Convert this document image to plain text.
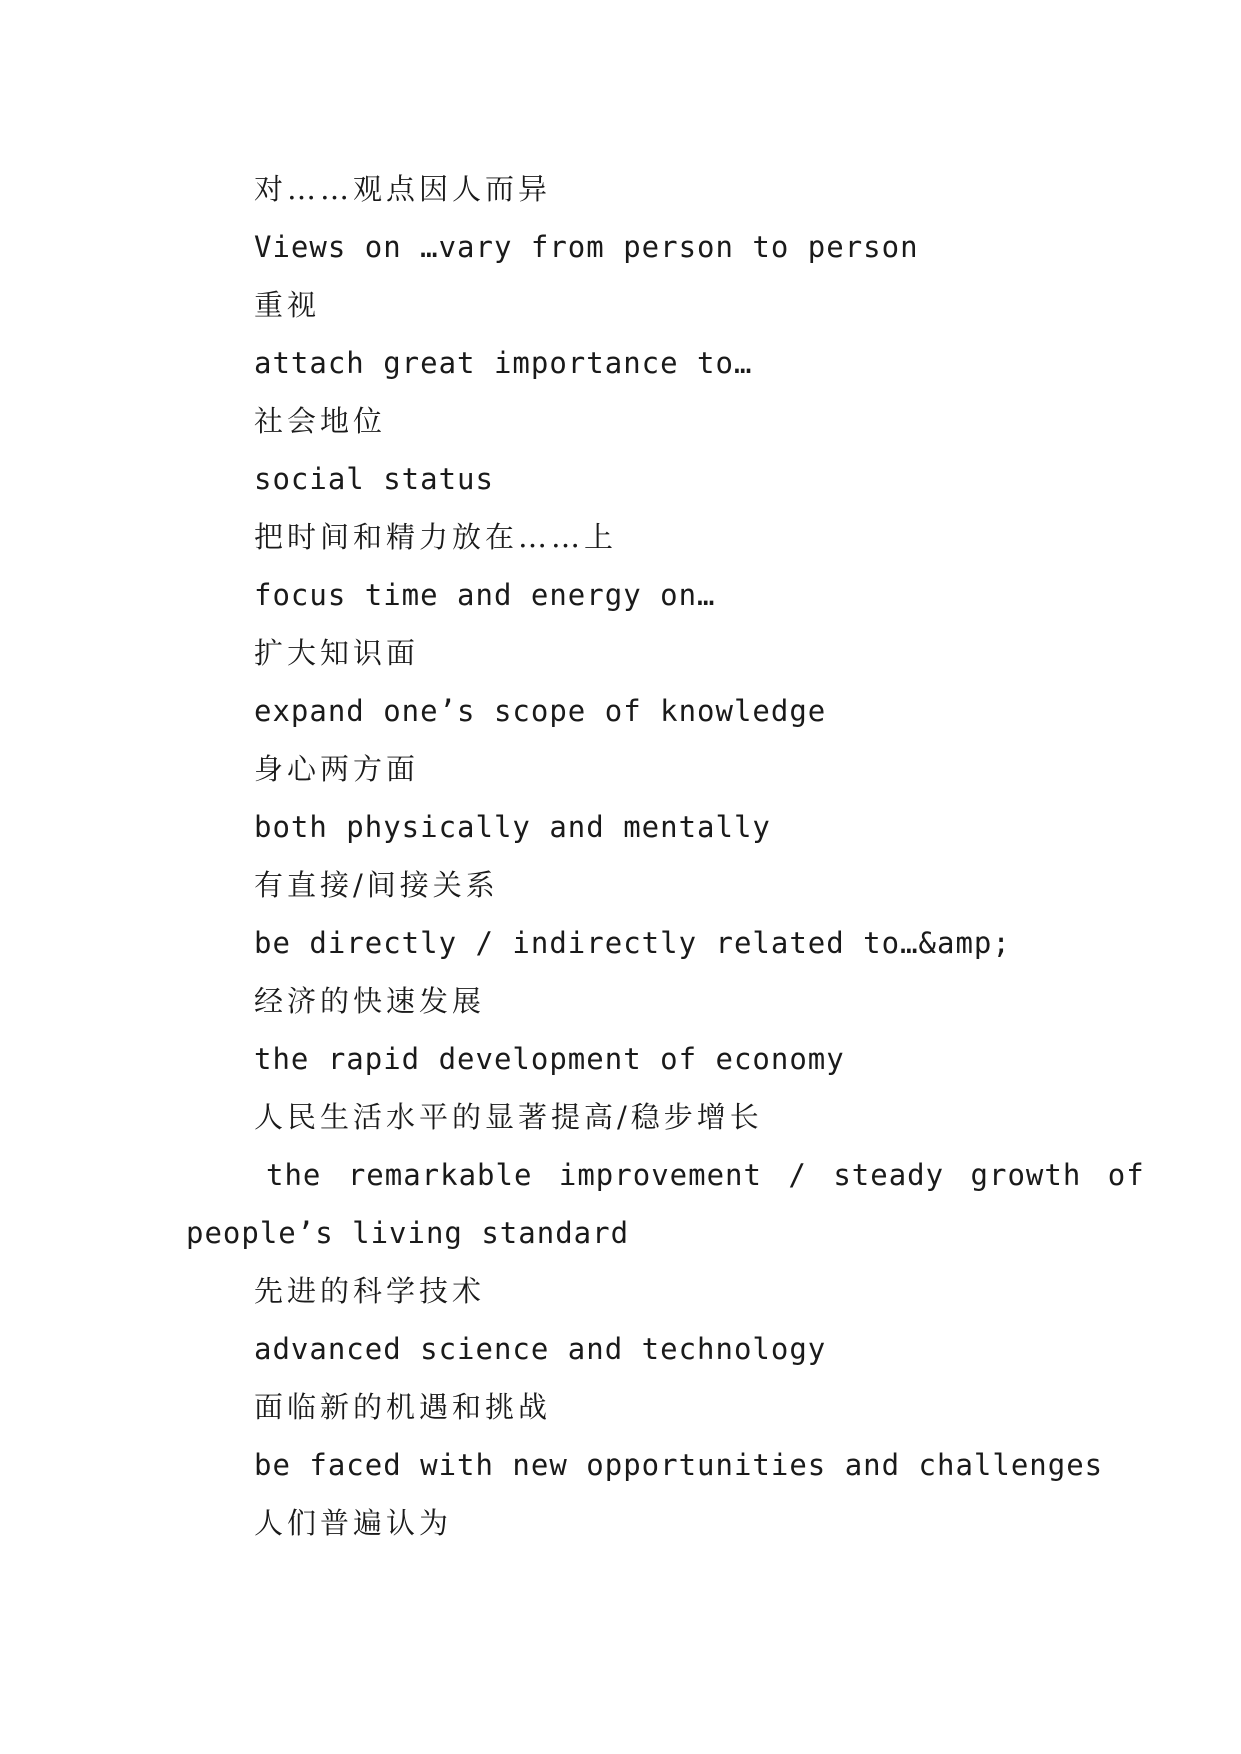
对……观点因人而异

Views on …vary from person to person

重视

attach great importance to…

社会地位

social status

把时间和精力放在……上

focus time and energy on…

扩大知识面

expand one’s scope of knowledge

身心两方面

both physically and mentally

有直接/间接关系

be directly / indirectly related to…&amp;

经济的快速发展

the rapid development of economy

人民生活水平的显著提高/稳步增长

the remarkable improvement / steady growth of
people’s living standard

先进的科学技术

advanced science and technology

面临新的机遇和挑战

be faced with new opportunities and challenges

人们普遍认为
